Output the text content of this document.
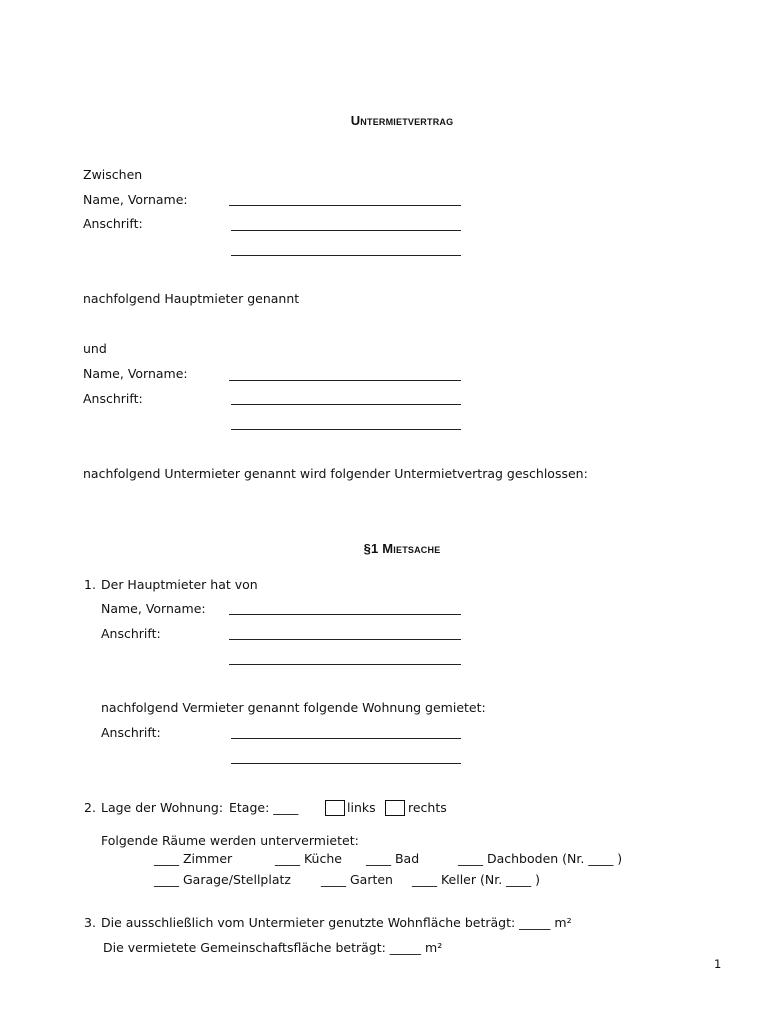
Untermietvertrag
Zwischen
Name, Vorname:
Anschrift:
nachfolgend Hauptmieter genannt
und
Name, Vorname:
Anschrift:
nachfolgend Untermieter genannt wird folgender Untermietvertrag geschlossen:
§1 Mietsache
1. Der Hauptmieter hat von
Name, Vorname:
Anschrift:
nachfolgend Vermieter genannt folgende Wohnung gemietet:
Anschrift:
2. Lage der Wohnung: Etage: ____	links	rechts
Folgende Räume werden untervermietet:
____ Zimmer	____ Küche ____ Bad	____ Dachboden (Nr. ____ )
____ Garage/Stellplatz ____ Garten ____ Keller (Nr. ____ )
3. Die ausschließlich vom Untermieter genutzte Wohnfläche beträgt: _____ m²
Die vermietete Gemeinschaftsfläche beträgt: _____ m²
1
